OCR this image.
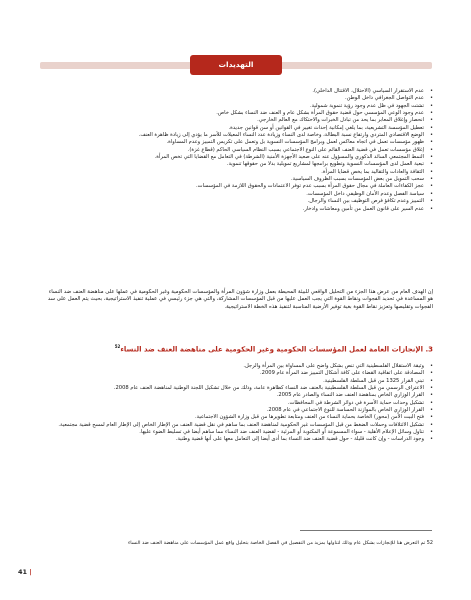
التهديدات
• عدم الاستقرار السياسي (الاحتلال، الاقتتال الداخلي).
• عدم التواصل الجغرافي داخل الوطن.
• تشتت الجهود في ظل عدم وجود رؤية تنموية شمولية.
• عدم وجود الوعي المؤسسي حول قضية حقوق المرأة بشكل عام و العنف ضد النساء بشكل خاص.
• انحصار وإغلاق المعابر بما يحد من تبادل الخبرات والاحتكاك مع العالم الخارجي.
• تعطيل المؤسسة التشريعية، بما يلغي إمكانية إحداث تغيير في القوانين أو سن قوانين جديدة.
• الوضع الاقتصادي المتردي وارتفاع نسبة البطالة، وخاصة لدى النساء وزيادة عدد النساء المعيلات للأسر ما يؤدي إلى زيادة ظاهرة العنف.
• ظهور مؤسسات تعمل في اتجاه معاكس لعمل وبرامج المؤسسات النسوية بل وتعمل على تكريس التمييز وعدم المساواة.
• إغلاق مؤسسات تعمل في قضية العنف القائم على النوع الاجتماعي بسبب النظام السياسي الحاكم (قطاع غزة).
• النمط المجتمعي السائد الذكوري والمسؤول عنه على صعيد الأجهزة الأمنية (الشرطة) في التعامل مع القضايا التي تخص المرأة.
• تبعية العمل لدى المؤسسات النسوية وتطويع برامجها لمشاريع تمويلية بدلا من حقوقها تنموية.
• الثقافة والعادات والتقاليد بما يخص قضايا المرأة.
• سحب التمويل من بعض المؤسسات بسبب الظروف السياسية.
• عجز الكفاءات العاملة في مجال حقوق المرأة بسبب عدم توفر الاعتمادات والحقوق اللازمة في المؤسسات.
• سياسة الفصل وعدم الأمان الوظيفي داخل المؤسسات.
• التمييز وعدم تكافؤ فرص التوظيف بين النساء والرجال.
• عدم السير على قانون العمل من تأمين ومعاشات وادخار.

إن الهدف العام من عرض هذا الجزء من التحليل الواقعي للبيئة المحيطة بعمل وزارة شؤون المرأة والمؤسسات الحكومية وغير الحكومية في عملها على مناهضة العنف ضد النساء هو المساعدة في تحديد الفجوات ونقاط القوة التي يجب العمل عليها من قبل المؤسسات المشاركة، والتي هي جزء رئيسي في عملية تنفيذ الاستراتيجية، بحيث يتم العمل على سد الفجوات وتقليصها وتعزيز نقاط القوة بغية توفير الأرضية المناسبة لتنفيذ هذه الخطة الاستراتيجية.

3. الإنجازات العامة لعمل المؤسسات الحكومية وغير الحكومية على مناهضة العنف ضد النساء$^{52}$
• وثيقة الاستقلال الفلسطينية التي تنص بشكل واضح على المساواة بين المرأة والرجل.
• المصادقة على اتفاقية القضاء على كافة أشكال التمييز ضد المرأة عام 2009.
• تبني القرار 1325 من قبل السلطة الفلسطينية.
• الاعتراف الرسمي من قبل السلطة الفلسطينية بالعنف ضد النساء كظاهرة عامة، وذلك من خلال تشكيل اللجنة الوطنية لمناهضة العنف عام 2008.
• القرار الوزاري الخاص بمناهضة العنف ضد النساء والصادر عام 2005.
• تشكيل وحدات حماية الأسرة في دوائر الشرطة في المحافظات.
• القرار الوزاري الخاص بالموازنة الحساسة للنوع الاجتماعي في عام 2008.
• فتح البيت الآمن (محور) الخاصة بحماية النساء من العنف ومتابعة تطويرها من قبل وزارة الشؤون الاجتماعية.
• تشكيل الائتلافات وحملات الضغط من قبل المؤسسات غير الحكومية لمناهضة العنف بما ساهم في نقل قضية العنف من الإطار الخاص إلى الإطار العام لمسح قضية مجتمعية.
• تناول وسائل الإعلام الأهلية - سواء المسموعة أو المكتوبة أو المرئية - لقضية العنف ضد النساء مما ساهم أيضا في تسليط الضوء عليها.
• وجود الدراسات - وإن كانت قليلة - حول قضية العنف ضد النساء بما أدى أيضا إلى التعامل معها على أنها قضية وطنية.

52 تم التعرض هنا للإنجازات بشكل عام وذلك لتناولها بمزيد من التفصيل في الفصل الخاصة بتحليل واقع عمل المؤسسات على مناهضة العنف ضد النساء

41 |
